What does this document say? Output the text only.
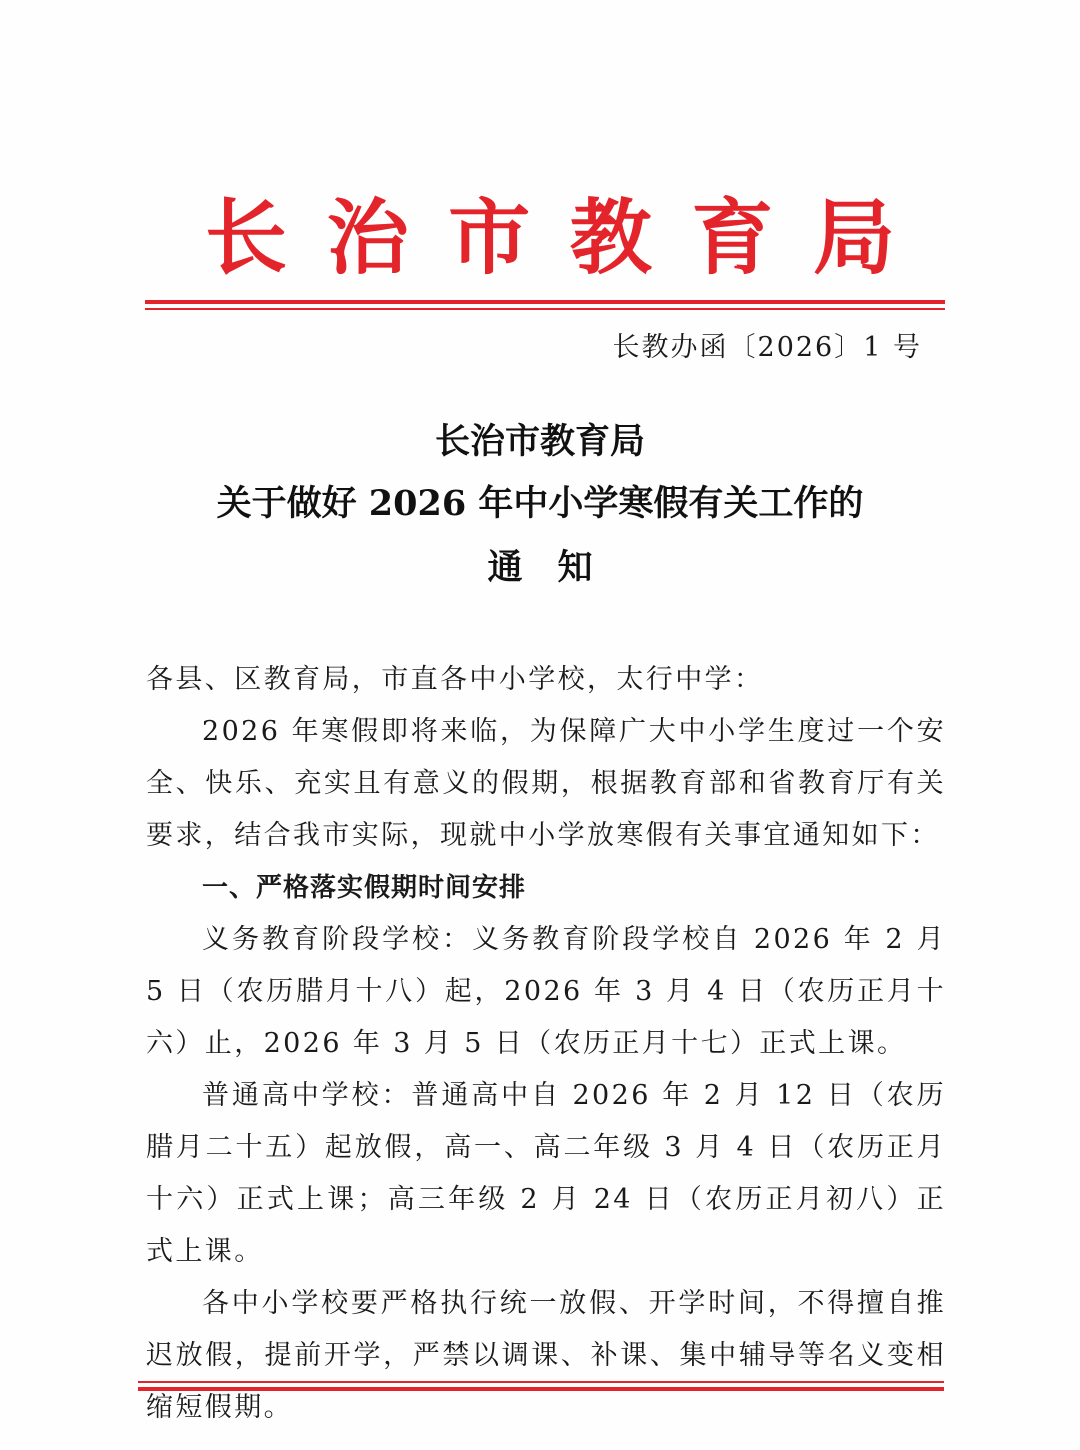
长 治 市 教 育 局
长教办函〔2026〕1 号
长治市教育局
关于做好 2026 年中小学寒假有关工作的
通　知

各县、区教育局，市直各中小学校，太行中学：

2026 年寒假即将来临，为保障广大中小学生度过一个安全、快乐、充实且有意义的假期，根据教育部和省教育厅有关要求，结合我市实际，现就中小学放寒假有关事宜通知如下：

一、严格落实假期时间安排

义务教育阶段学校：义务教育阶段学校自 2026 年 2 月 5 日（农历腊月十八）起，2026 年 3 月 4 日（农历正月十六）止，2026 年 3 月 5 日（农历正月十七）正式上课。

普通高中学校：普通高中自 2026 年 2 月 12 日（农历腊月二十五）起放假，高一、高二年级 3 月 4 日（农历正月十六）正式上课；高三年级 2 月 24 日（农历正月初八）正式上课。

各中小学校要严格执行统一放假、开学时间，不得擅自推迟放假，提前开学，严禁以调课、补课、集中辅导等名义变相缩短假期。
